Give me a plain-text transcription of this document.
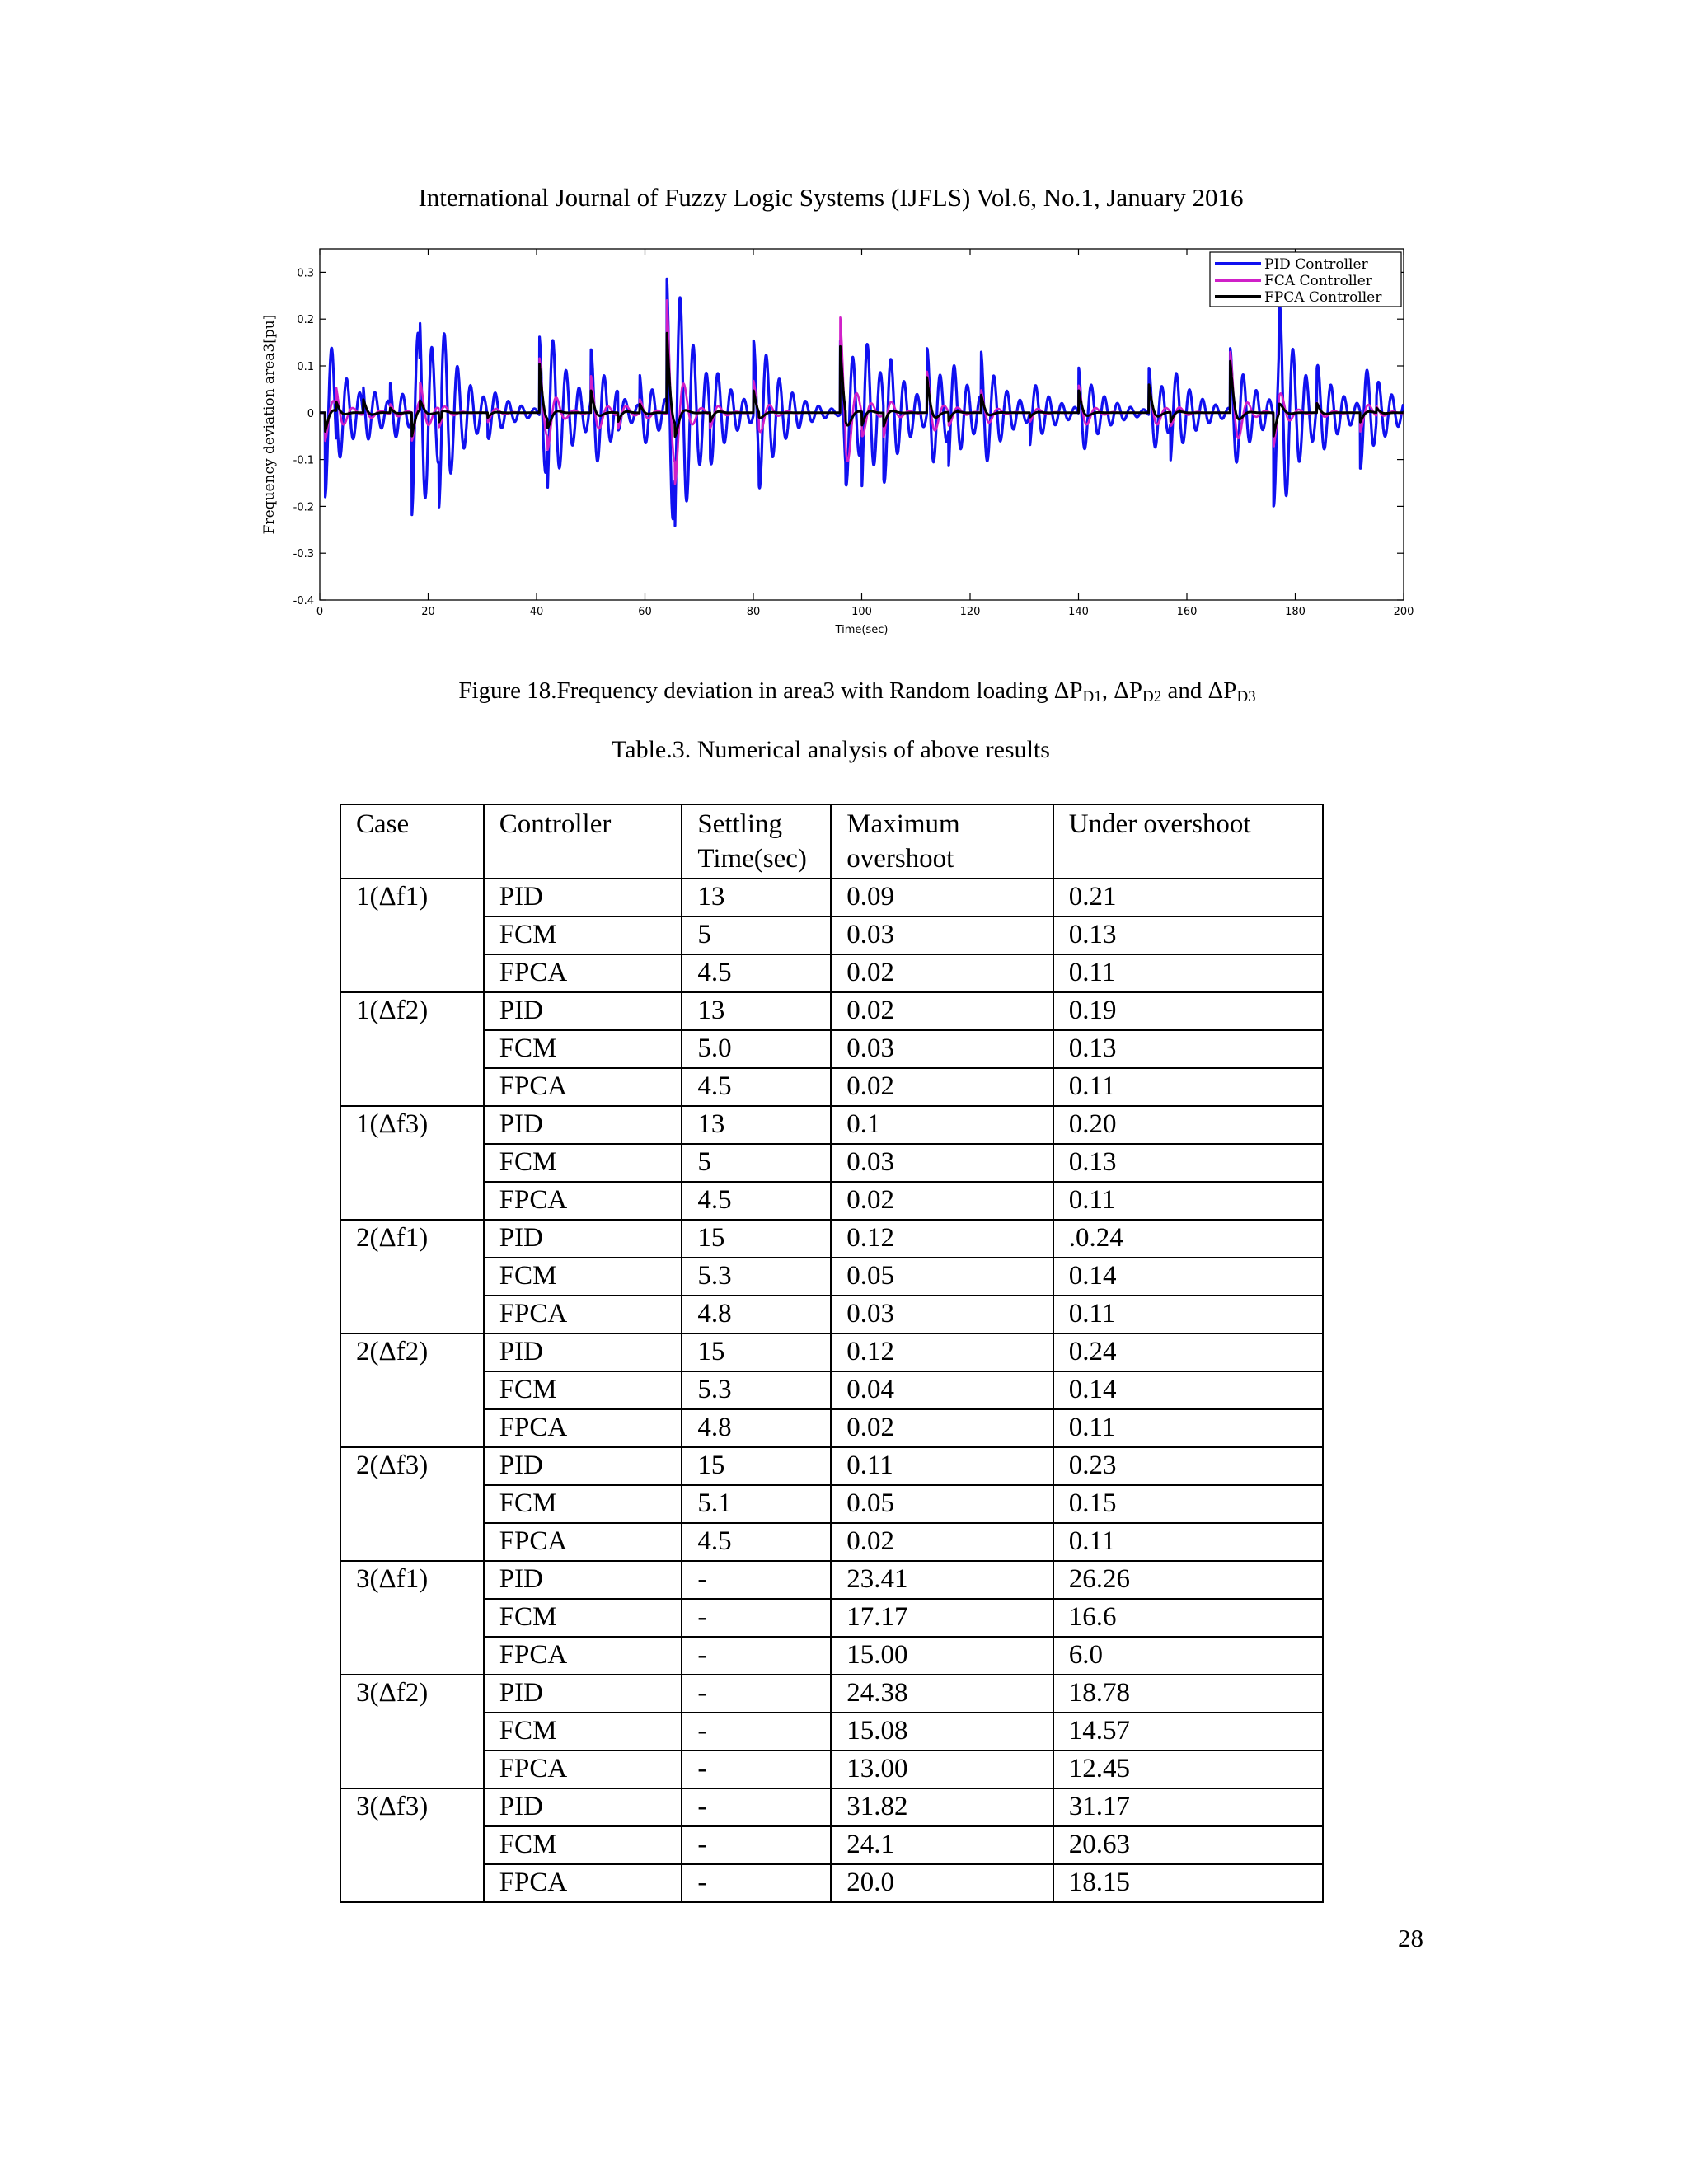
International Journal of Fuzzy Logic Systems (IJFLS) Vol.6, No.1, January 2016
0	20	40	60	80	100	120	140	160	180	200
-0.4
-0.3
-0.2
-0.1
0
0.1
0.2
0.3
Time(sec)
Frequency deviation area3[pu]
PID Controller
FCA Controller
FPCA Controller
Figure 18.Frequency deviation in area3 with Random loading $\Delta P_{D1}$, $\Delta P_{D2}$ and $\Delta P_{D3}$
Table.3. Numerical analysis of above results
Case	Controller	Settling Time(sec)	Maximum overshoot	Under overshoot
1(Δf1)	PID	13	0.09	0.21
	FCM	5	0.03	0.13
	FPCA	4.5	0.02	0.11
1(Δf2)	PID	13	0.02	0.19
	FCM	5.0	0.03	0.13
	FPCA	4.5	0.02	0.11
1(Δf3)	PID	13	0.1	0.20
	FCM	5	0.03	0.13
	FPCA	4.5	0.02	0.11
2(Δf1)	PID	15	0.12	.0.24
	FCM	5.3	0.05	0.14
	FPCA	4.8	0.03	0.11
2(Δf2)	PID	15	0.12	0.24
	FCM	5.3	0.04	0.14
	FPCA	4.8	0.02	0.11
2(Δf3)	PID	15	0.11	0.23
	FCM	5.1	0.05	0.15
	FPCA	4.5	0.02	0.11
3(Δf1)	PID	-	23.41	26.26
	FCM	-	17.17	16.6
	FPCA	-	15.00	6.0
3(Δf2)	PID	-	24.38	18.78
	FCM	-	15.08	14.57
	FPCA	-	13.00	12.45
3(Δf3)	PID	-	31.82	31.17
	FCM	-	24.1	20.63
	FPCA	-	20.0	18.15
28
